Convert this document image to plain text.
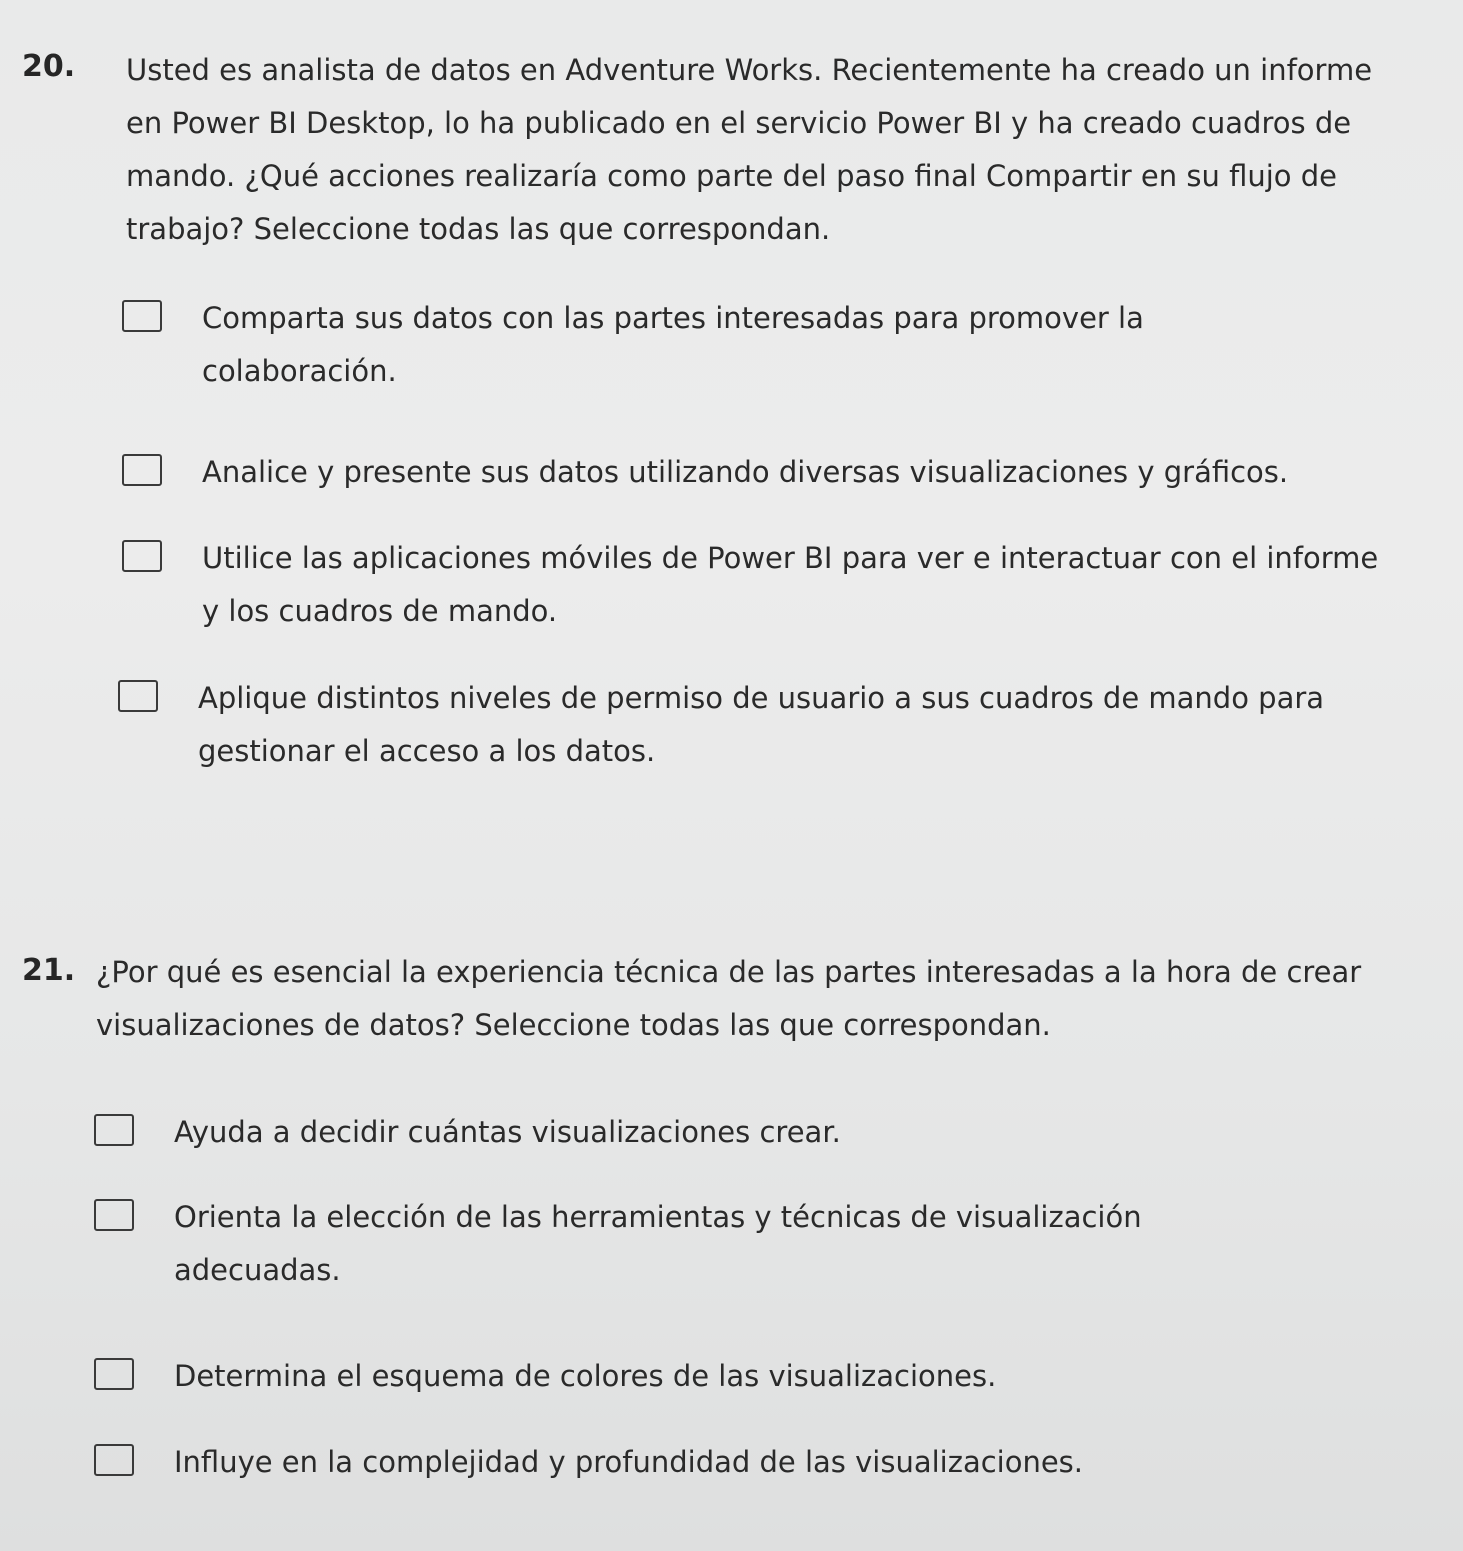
20. Usted es analista de datos en Adventure Works. Recientemente ha creado un informe en Power BI Desktop, lo ha publicado en el servicio Power BI y ha creado cuadros de mando. ¿Qué acciones realizaría como parte del paso final Compartir en su flujo de trabajo? Seleccione todas las que correspondan.
Comparta sus datos con las partes interesadas para promover la colaboración.
Analice y presente sus datos utilizando diversas visualizaciones y gráficos.
Utilice las aplicaciones móviles de Power BI para ver e interactuar con el informe y los cuadros de mando.
Aplique distintos niveles de permiso de usuario a sus cuadros de mando para gestionar el acceso a los datos.
21. ¿Por qué es esencial la experiencia técnica de las partes interesadas a la hora de crear visualizaciones de datos? Seleccione todas las que correspondan.
Ayuda a decidir cuántas visualizaciones crear.
Orienta la elección de las herramientas y técnicas de visualización adecuadas.
Determina el esquema de colores de las visualizaciones.
Influye en la complejidad y profundidad de las visualizaciones.
